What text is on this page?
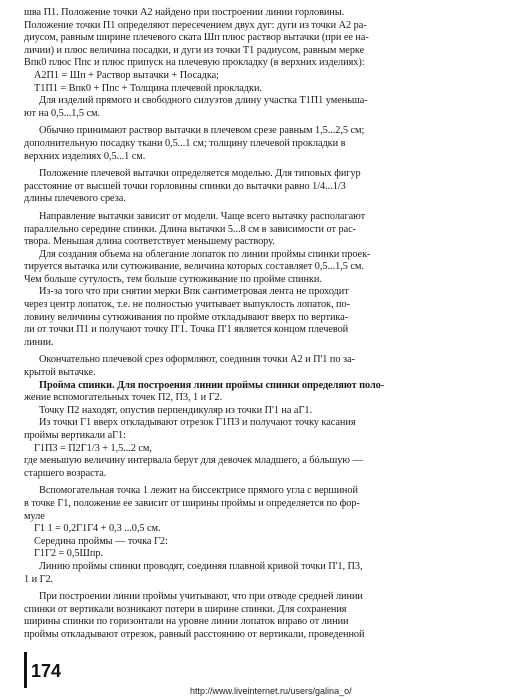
шва П1. Положение точки А2 найдено при построении линии горловины.
Положение точки П1 определяют пересечением двух дуг: дуги из точки А2 ра-
диусом, равным ширине плечевого ската Шп плюс раствор вытачки (при ее на-
личии) и плюс величина посадки, и дуги из точки Т1 радиусом, равным мерке
Впк0 плюс Ппс и плюс припуск на плечевую прокладку (в верхних изделиях):
А2П1 = Шп + Раствор вытачки + Посадка;
Т1П1 = Впк0 + Ппс + Толщина плечевой прокладки.
Для изделий прямого и свободного силуэтов длину участка Т1П1 уменьша-
ют на 0,5...1,5 см.
Обычно принимают раствор вытачки в плечевом срезе равным 1,5...2,5 см;
дополнительную посадку ткани 0,5...1 см; толщину плечевой прокладки в
верхних изделиях 0,5...1 см.
Положение плечевой вытачки определяется моделью. Для типовых фигур
расстояние от высшей точки горловины спинки до вытачки равно 1/4...1/3
длины плечевого среза.
Направление вытачки зависит от модели. Чаще всего вытачку располагают
параллельно середине спинки. Длина вытачки 5...8 см в зависимости от рас-
твора. Меньшая длина соответствует меньшему раствору.
Для создания объема на облегание лопаток по линии проймы спинки проек-
тируется вытачка или сутюживание, величина которых составляет 0,5...1,5 см.
Чем больше сутулость, тем больше сутюживание по пройме спинки.
Из-за того что при снятии мерки Впк сантиметровая лента не проходит
через центр лопаток, т.е. не полностью учитывает выпуклость лопаток, по-
ловину величины сутюживания по пройме откладывают вверх по вертика-
ли от точки П1 и получают точку П'1. Точка П'1 является концом плечевой
линии.
Окончательно плечевой срез оформляют, соединив точки А2 и П'1 по за-
крытой вытачке.
Пройма спинки. Для построения линии проймы спинки определяют поло-
жение вспомогательных точек П2, П3, 1 и Г2.
Точку П2 находят, опустив перпендикуляр из точки П'1 на аГ1.
Из точки Г1 вверх откладывают отрезок Г1П3 и получают точку касания
проймы вертикали аГ1:
Г1П3 = П2Г1/3 + 1,5...2 см,
где меньшую величину интервала берут для девочек младшего, а бóльшую —
старшего возраста.
Вспомогательная точка 1 лежит на биссектрисе прямого угла с вершиной
в точке Г1, положение ее зависит от ширины проймы и определяется по фор-
муле
Г1 1 = 0,2Г1Г4 + 0,3 ...0,5 см.
Середина проймы — точка Г2:
Г1Г2 = 0,5Шпр.
Линию проймы спинки проводят, соединяя плавной кривой точки П'1, П3,
1 и Г2.
При построении линии проймы учитывают, что при отводе средней линии
спинки от вертикали возникают потери в ширине спинки. Для сохранения
ширины спинки по горизонтали на уровне линии лопаток вправо от линии
проймы откладывают отрезок, равный расстоянию от вертикали, проведенной
174
http://www.liveinternet.ru/users/galina_o/
